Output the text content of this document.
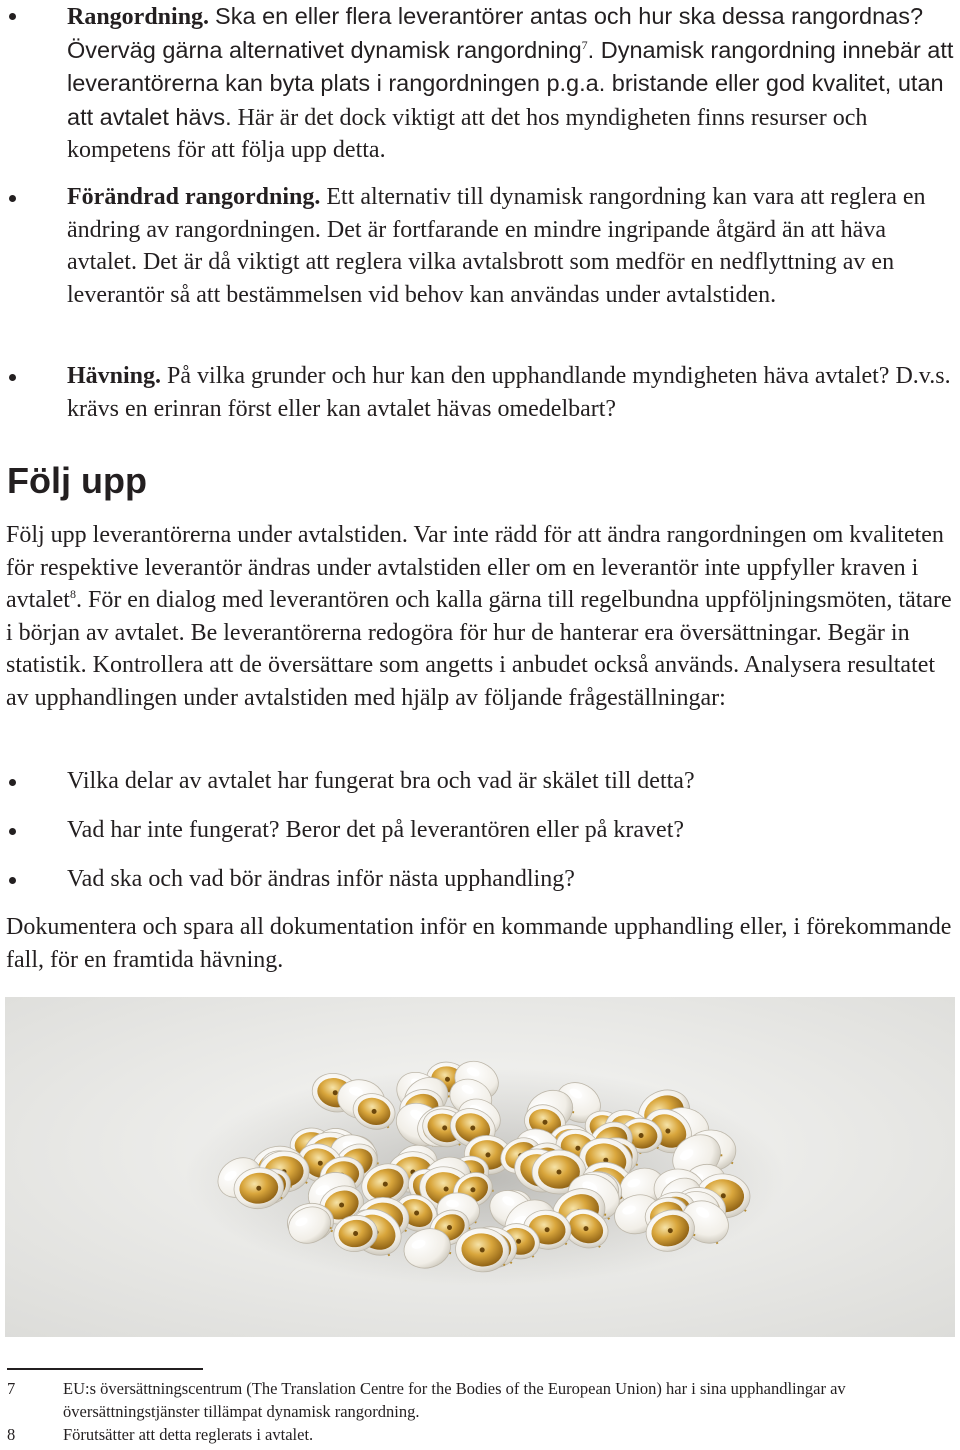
Rangordning. Ska en eller flera leverantörer antas och hur ska dessa rangordnas? Överväg gärna alternativet dynamisk rangordning$^7$. Dynamisk rangordning innebär att leverantörerna kan byta plats i rangordningen p.g.a. bristande eller god kvalitet, utan att avtalet hävs. Här är det dock viktigt att det hos myndigheten finns resurser och kompetens för att följa upp detta.
Förändrad rangordning. Ett alternativ till dynamisk rangordning kan vara att reglera en ändring av rangordningen. Det är fortfarande en mindre ingripande åtgärd än att häva avtalet. Det är då viktigt att reglera vilka avtalsbrott som medför en nedflyttning av en leverantör så att bestämmelsen vid behov kan användas under avtalstiden.
Hävning. På vilka grunder och hur kan den upphandlande myndigheten häva avtalet? D.v.s. krävs en erinran först eller kan avtalet hävas omedelbart?
Följ upp

Följ upp leverantörerna under avtalstiden. Var inte rädd för att ändra rangordningen om kvaliteten för respektive leverantör ändras under avtalstiden eller om en leverantör inte uppfyller kraven i avtalet$^8$. För en dialog med leverantören och kalla gärna till regelbundna uppföljningsmöten, tätare i början av avtalet. Be leverantörerna redogöra för hur de hanterar era översättningar. Begär in statistik. Kontrollera att de översättare som angetts i anbudet också används. Analysera resultatet av upphandlingen under avtalstiden med hjälp av följande frågeställningar:

Vilka delar av avtalet har fungerat bra och vad är skälet till detta?
Vad har inte fungerat? Beror det på leverantören eller på kravet?
Vad ska och vad bör ändras inför nästa upphandling?

Dokumentera och spara all dokumentation inför en kommande upphandling eller, i förekommande fall, för en framtida hävning.

7	EU:s översättningscentrum (The Translation Centre for the Bodies of the European Union) har i sina upphandlingar av översättningstjänster tillämpat dynamisk rangordning.
8	Förutsätter att detta reglerats i avtalet.
